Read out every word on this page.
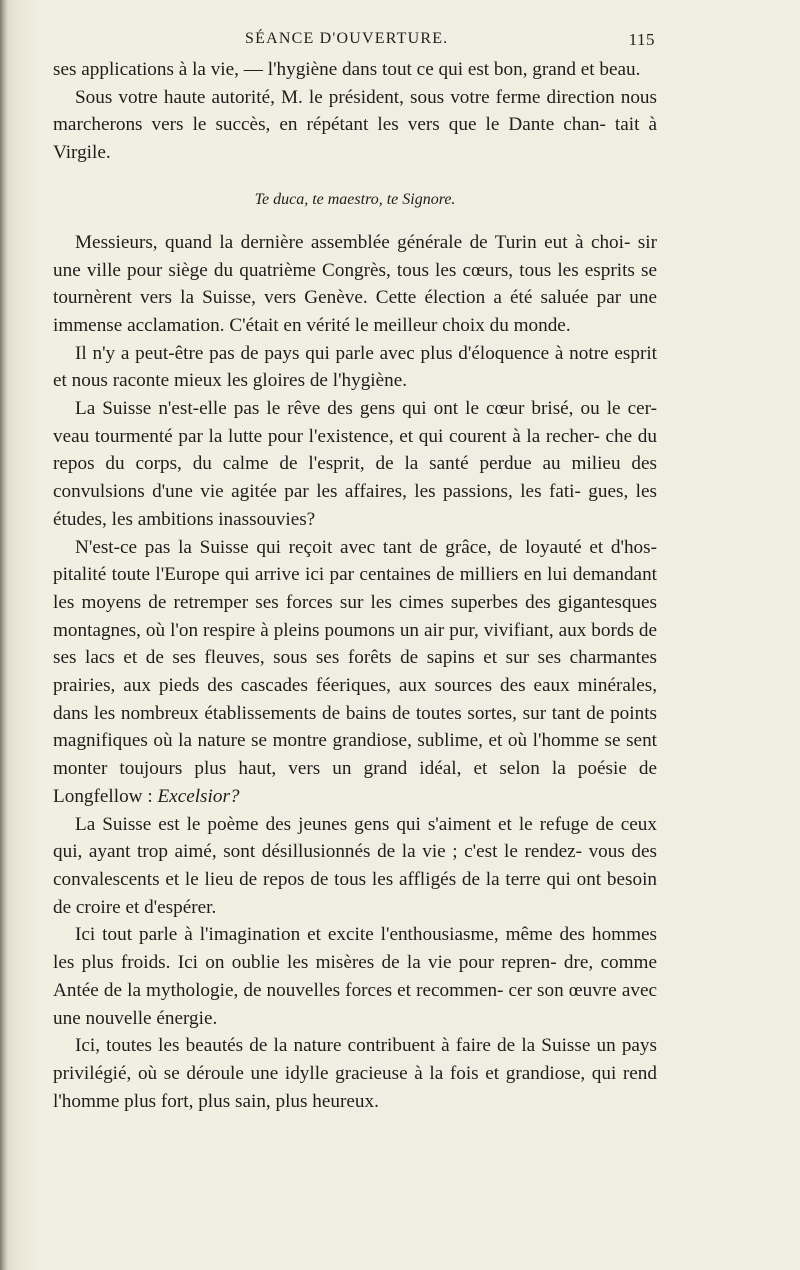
SÉANCE D'OUVERTURE.	115

ses applications à la vie, — l'hygiène dans tout ce qui est bon, grand et beau.

Sous votre haute autorité, M. le président, sous votre ferme direction nous marcherons vers le succès, en répétant les vers que le Dante chan- tait à Virgile.

Te duca, te maestro, te Signore.

Messieurs, quand la dernière assemblée générale de Turin eut à choi- sir une ville pour siège du quatrième Congrès, tous les cœurs, tous les esprits se tournèrent vers la Suisse, vers Genève. Cette élection a été saluée par une immense acclamation. C'était en vérité le meilleur choix du monde.

Il n'y a peut-être pas de pays qui parle avec plus d'éloquence à notre esprit et nous raconte mieux les gloires de l'hygiène.

La Suisse n'est-elle pas le rêve des gens qui ont le cœur brisé, ou le cer- veau tourmenté par la lutte pour l'existence, et qui courent à la recher- che du repos du corps, du calme de l'esprit, de la santé perdue au milieu des convulsions d'une vie agitée par les affaires, les passions, les fati- gues, les études, les ambitions inassouvies?

N'est-ce pas la Suisse qui reçoit avec tant de grâce, de loyauté et d'hos- pitalité toute l'Europe qui arrive ici par centaines de milliers en lui demandant les moyens de retremper ses forces sur les cimes superbes des gigantesques montagnes, où l'on respire à pleins poumons un air pur, vivifiant, aux bords de ses lacs et de ses fleuves, sous ses forêts de sapins et sur ses charmantes prairies, aux pieds des cascades féeriques, aux sources des eaux minérales, dans les nombreux établissements de bains de toutes sortes, sur tant de points magnifiques où la nature se montre grandiose, sublime, et où l'homme se sent monter toujours plus haut, vers un grand idéal, et selon la poésie de Longfellow : Excelsior?

La Suisse est le poème des jeunes gens qui s'aiment et le refuge de ceux qui, ayant trop aimé, sont désillusionnés de la vie ; c'est le rendez- vous des convalescents et le lieu de repos de tous les affligés de la terre qui ont besoin de croire et d'espérer.

Ici tout parle à l'imagination et excite l'enthousiasme, même des hommes les plus froids. Ici on oublie les misères de la vie pour repren- dre, comme Antée de la mythologie, de nouvelles forces et recommen- cer son œuvre avec une nouvelle énergie.

Ici, toutes les beautés de la nature contribuent à faire de la Suisse un pays privilégié, où se déroule une idylle gracieuse à la fois et grandiose, qui rend l'homme plus fort, plus sain, plus heureux.
